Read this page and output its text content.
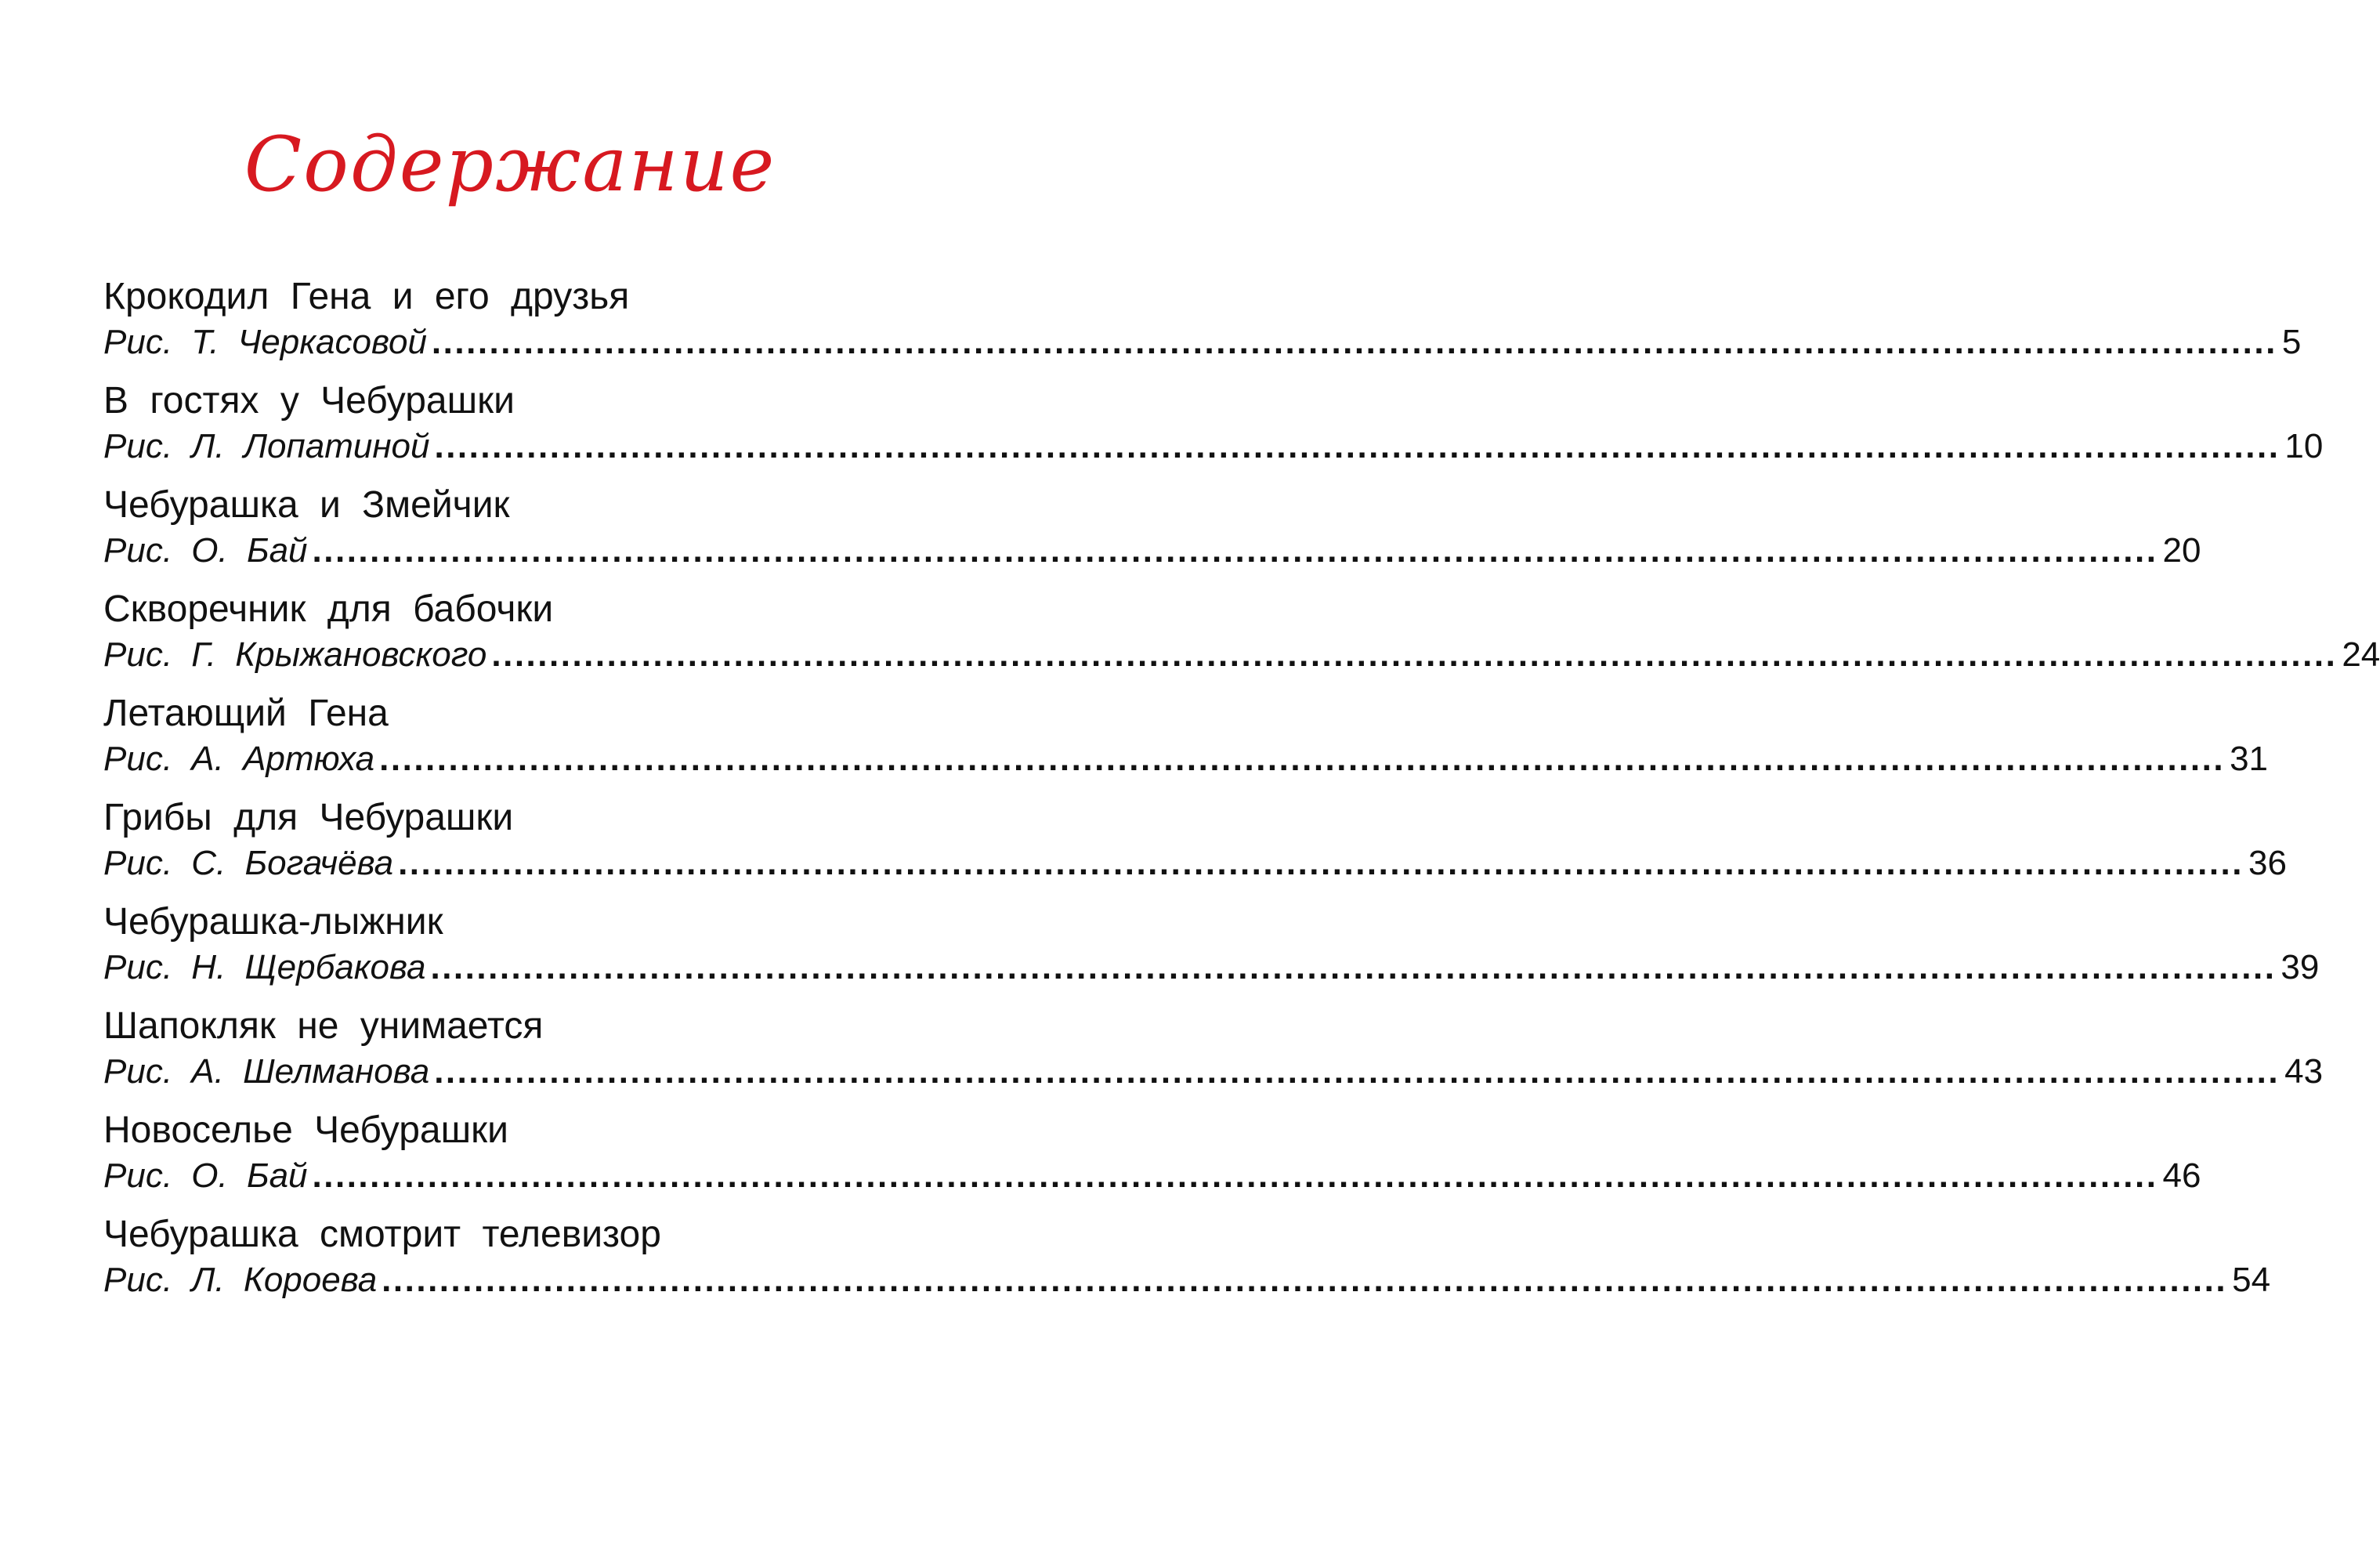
Содержание
Крокодил Гена и его друзья
Рис. Т. Черкасовой ................................................................................................................................................................ 5
В гостях у Чебурашки
Рис. Л. Лопатиной ................................................................................................................................................................ 10
Чебурашка и Змейчик
Рис. О. Бай ................................................................................................................................................................ 20
Скворечник для бабочки
Рис. Г. Крыжановского ................................................................................................................................................................ 24
Летающий Гена
Рис. А. Артюха ................................................................................................................................................................ 31
Грибы для Чебурашки
Рис. С. Богачёва ................................................................................................................................................................ 36
Чебурашка-лыжник
Рис. Н. Щербакова ................................................................................................................................................................ 39
Шапокляк не унимается
Рис. А. Шелманова ................................................................................................................................................................ 43
Новоселье Чебурашки
Рис. О. Бай ................................................................................................................................................................ 46
Чебурашка смотрит телевизор
Рис. Л. Короева ................................................................................................................................................................ 54
